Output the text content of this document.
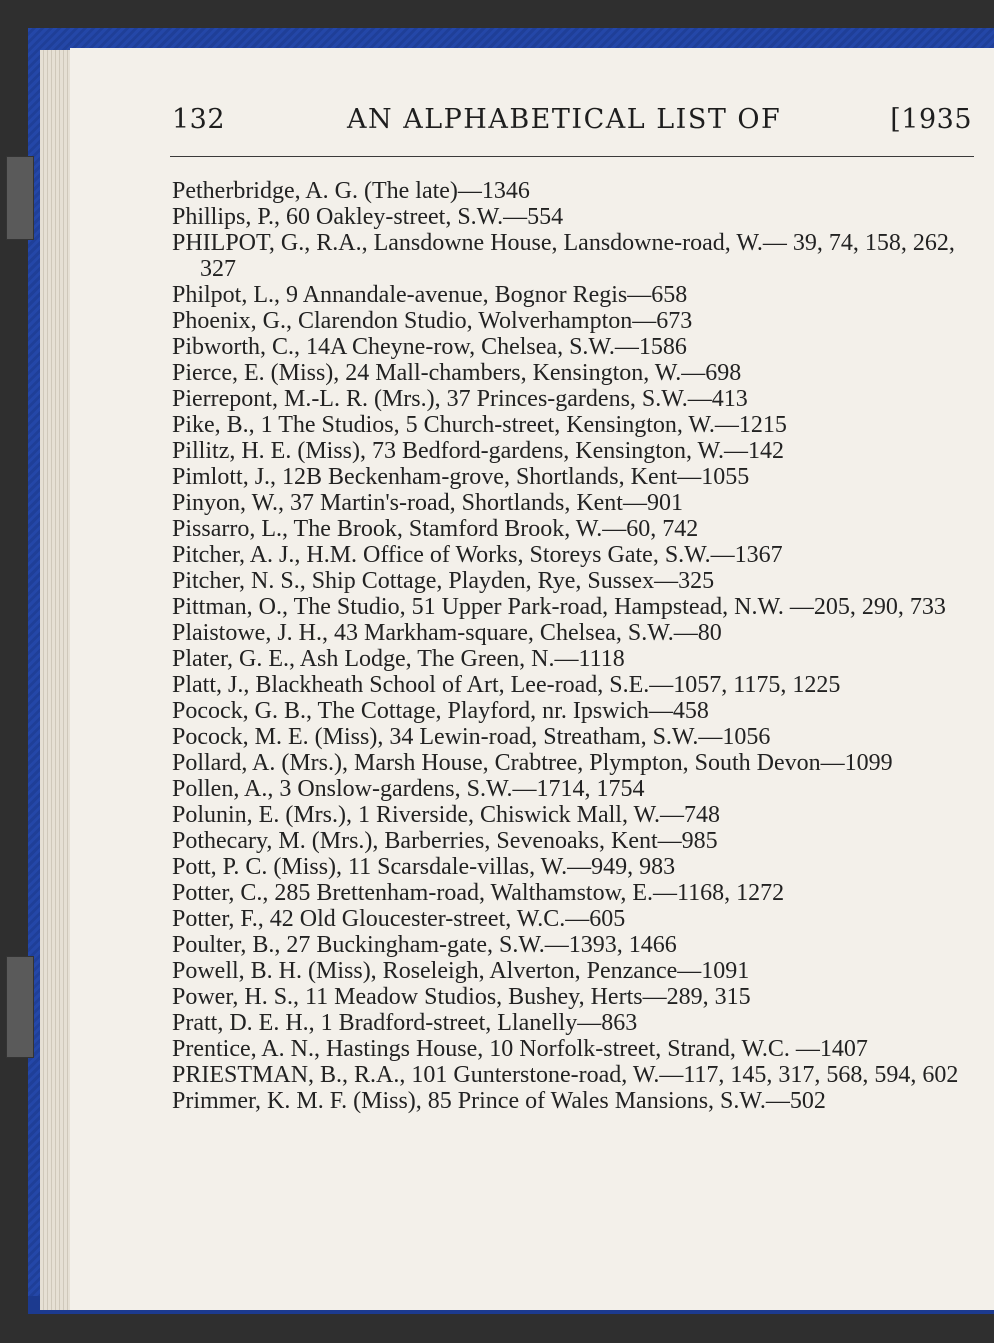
132	AN ALPHABETICAL LIST OF	[1935
Petherbridge, A. G. (The late)—1346
Phillips, P., 60 Oakley-street, S.W.—554
PHILPOT, G., R.A., Lansdowne House, Lansdowne-road, W.— 39, 74, 158, 262, 327
Philpot, L., 9 Annandale-avenue, Bognor Regis—658
Phoenix, G., Clarendon Studio, Wolverhampton—673
Pibworth, C., 14A Cheyne-row, Chelsea, S.W.—1586
Pierce, E. (Miss), 24 Mall-chambers, Kensington, W.—698
Pierrepont, M.-L. R. (Mrs.), 37 Princes-gardens, S.W.—413
Pike, B., 1 The Studios, 5 Church-street, Kensington, W.—1215
Pillitz, H. E. (Miss), 73 Bedford-gardens, Kensington, W.—142
Pimlott, J., 12B Beckenham-grove, Shortlands, Kent—1055
Pinyon, W., 37 Martin's-road, Shortlands, Kent—901
Pissarro, L., The Brook, Stamford Brook, W.—60, 742
Pitcher, A. J., H.M. Office of Works, Storeys Gate, S.W.—1367
Pitcher, N. S., Ship Cottage, Playden, Rye, Sussex—325
Pittman, O., The Studio, 51 Upper Park-road, Hampstead, N.W. —205, 290, 733
Plaistowe, J. H., 43 Markham-square, Chelsea, S.W.—80
Plater, G. E., Ash Lodge, The Green, N.—1118
Platt, J., Blackheath School of Art, Lee-road, S.E.—1057, 1175, 1225
Pocock, G. B., The Cottage, Playford, nr. Ipswich—458
Pocock, M. E. (Miss), 34 Lewin-road, Streatham, S.W.—1056
Pollard, A. (Mrs.), Marsh House, Crabtree, Plympton, South Devon—1099
Pollen, A., 3 Onslow-gardens, S.W.—1714, 1754
Polunin, E. (Mrs.), 1 Riverside, Chiswick Mall, W.—748
Pothecary, M. (Mrs.), Barberries, Sevenoaks, Kent—985
Pott, P. C. (Miss), 11 Scarsdale-villas, W.—949, 983
Potter, C., 285 Brettenham-road, Walthamstow, E.—1168, 1272
Potter, F., 42 Old Gloucester-street, W.C.—605
Poulter, B., 27 Buckingham-gate, S.W.—1393, 1466
Powell, B. H. (Miss), Roseleigh, Alverton, Penzance—1091
Power, H. S., 11 Meadow Studios, Bushey, Herts—289, 315
Pratt, D. E. H., 1 Bradford-street, Llanelly—863
Prentice, A. N., Hastings House, 10 Norfolk-street, Strand, W.C. —1407
PRIESTMAN, B., R.A., 101 Gunterstone-road, W.—117, 145, 317, 568, 594, 602
Primmer, K. M. F. (Miss), 85 Prince of Wales Mansions, S.W.—502
